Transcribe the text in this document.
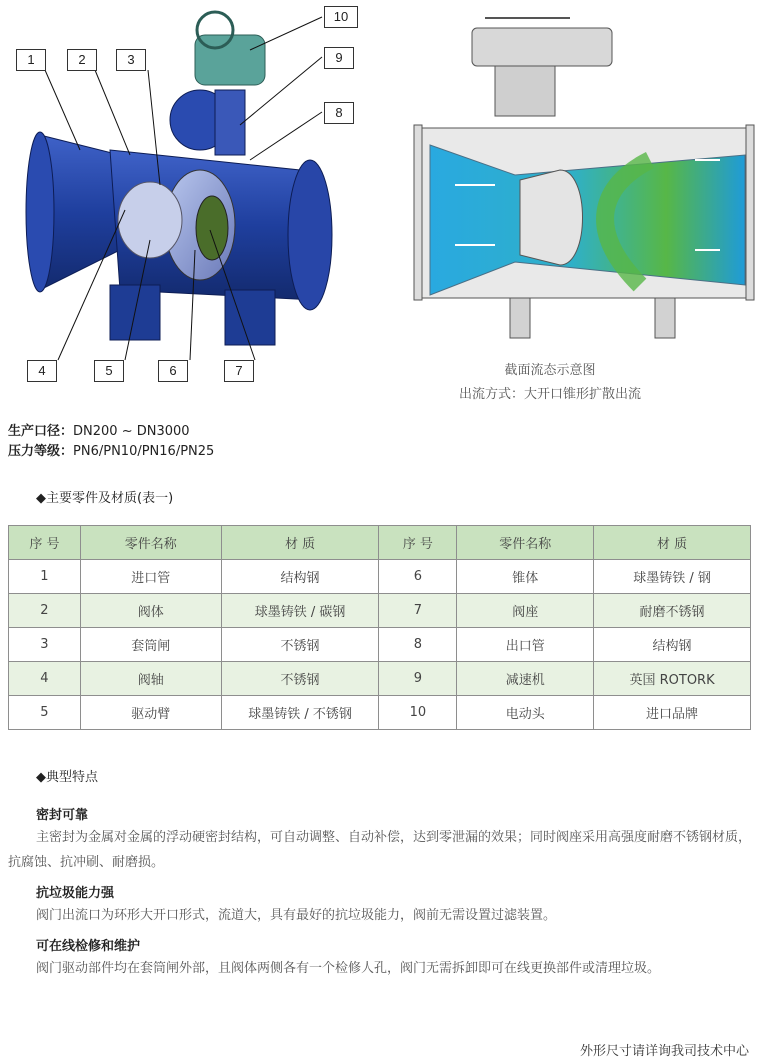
1	2	3
4	5	6	7
8
9
10
截面流态示意图
出流方式：大开口锥形扩散出流
生产口径：DN200 ~ DN3000
压力等级：PN6/PN10/PN16/PN25
◆主要零件及材质(表一)
序 号	零件名称	材 质	序 号	零件名称	材 质
1	进口管	结构钢	6	锥体	球墨铸铁 / 钢
2	阀体	球墨铸铁 / 碳钢	7	阀座	耐磨不锈钢
3	套筒闸	不锈钢	8	出口管	结构钢
4	阀轴	不锈钢	9	减速机	英国 ROTORK
5	驱动臂	球墨铸铁 / 不锈钢	10	电动头	进口品牌
◆典型特点
密封可靠
主密封为金属对金属的浮动硬密封结构，可自动调整、自动补偿，达到零泄漏的效果；同时阀座采用高强度耐磨不锈钢材质，抗腐蚀、抗冲刷、耐磨损。
抗垃圾能力强
阀门出流口为环形大开口形式，流道大，具有最好的抗垃圾能力，阀前无需设置过滤装置。
可在线检修和维护
阀门驱动部件均在套筒闸外部，且阀体两侧各有一个检修人孔，阀门无需拆卸即可在线更换部件或清理垃圾。
外形尺寸请详询我司技术中心
